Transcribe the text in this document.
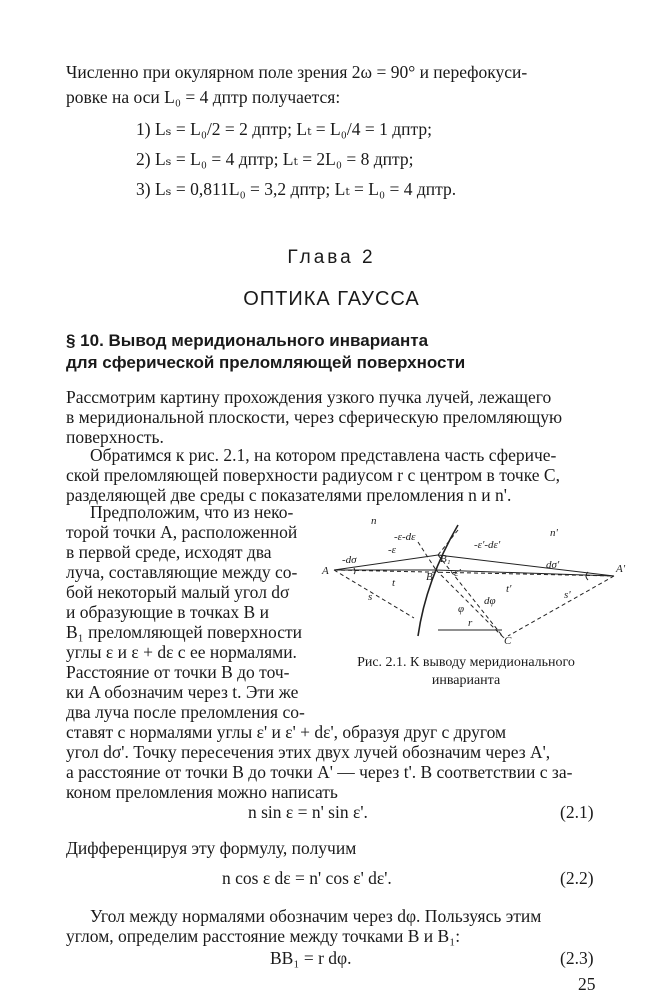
Численно при окулярном поле зрения 2ω = 90° и перефокуси-
ровке на оси L₀ = 4 дптр получается:
1) Lₛ = L₀/2 = 2 дптр; Lₜ = L₀/4 = 1 дптр;
2) Lₛ = L₀ = 4 дптр; Lₜ = 2L₀ = 8 дптр;
3) Lₛ = 0,811L₀ = 3,2 дптр; Lₜ = L₀ = 4 дптр.
Глава 2
ОПТИКА ГАУССА
§ 10. Вывод меридионального инварианта
для сферической преломляющей поверхности
Рассмотрим картину прохождения узкого пучка лучей, лежащего
в меридиональной плоскости, через сферическую преломляющую
поверхность.
Обратимся к рис. 2.1, на котором представлена часть сфериче-
ской преломляющей поверхности радиусом r с центром в точке C,
разделяющей две среды с показателями преломления n и n'.
Предположим, что из неко-
торой точки A, расположенной
в первой среде, исходят два
луча, составляющие между со-
бой некоторый малый угол dσ
и образующие в точках B и
B₁ преломляющей поверхности
углы ε и ε + dε с ее нормалями.
Расстояние от точки B до точ-
ки A обозначим через t. Эти же
два луча после преломления со-
n
n'
A	A'
B
B₁
C
-ε-dε
-ε
-dσ
t
-ε'-dε'
dσ'
ε'
r
dφ
t'	s'
s
φ
Рис. 2.1. К выводу меридионального
инварианта
ставят с нормалями углы ε' и ε' + dε', образуя друг с другом
угол dσ'. Точку пересечения этих двух лучей обозначим через A',
а расстояние от точки B до точки A' — через t'. В соответствии с за-
коном преломления можно написать
n sin ε = n' sin ε'.	(2.1)
Дифференцируя эту формулу, получим
n cos ε dε = n' cos ε' dε'.	(2.2)
Угол между нормалями обозначим через dφ. Пользуясь этим
углом, определим расстояние между точками B и B₁:
BB₁ = r dφ.	(2.3)
25
